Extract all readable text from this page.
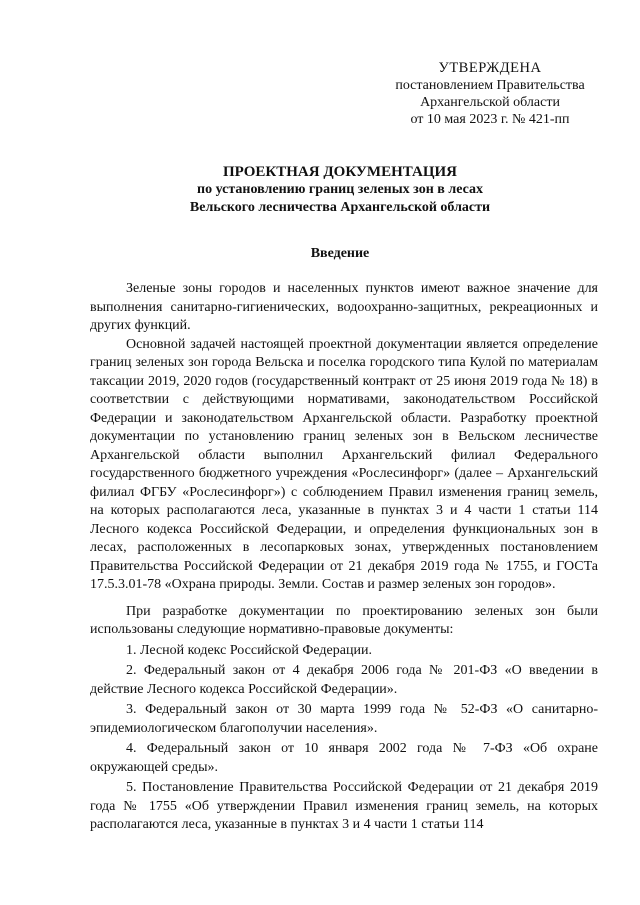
УТВЕРЖДЕНА
постановлением Правительства
Архангельской области
от 10 мая 2023 г. № 421-пп
ПРОЕКТНАЯ ДОКУМЕНТАЦИЯ
по установлению границ зеленых зон в лесах
Вельского лесничества Архангельской области
Введение

Зеленые зоны городов и населенных пунктов имеют важное значение для выполнения санитарно-гигиенических, водоохранно-защитных, рекреационных и других функций.

Основной задачей настоящей проектной документации является определение границ зеленых зон города Вельска и поселка городского типа Кулой по материалам таксации 2019, 2020 годов (государственный контракт от 25 июня 2019 года № 18) в соответствии с действующими нормативами, законодательством Российской Федерации и законодательством Архангельской области. Разработку проектной документации по установлению границ зеленых зон в Вельском лесничестве Архангельской области выполнил Архангельский филиал Федерального государственного бюджетного учреждения «Рослесинфорг» (далее – Архангельский филиал ФГБУ «Рослесинфорг») с соблюдением Правил изменения границ земель, на которых располагаются леса, указанные в пунктах 3 и 4 части 1 статьи 114 Лесного кодекса Российской Федерации, и определения функциональных зон в лесах, расположенных в лесопарковых зонах, утвержденных постановлением Правительства Российской Федерации от 21 декабря 2019 года № 1755, и ГОСТа 17.5.3.01-78 «Охрана природы. Земли. Состав и размер зеленых зон городов».

При разработке документации по проектированию зеленых зон были использованы следующие нормативно-правовые документы:

1. Лесной кодекс Российской Федерации.

2. Федеральный закон от 4 декабря 2006 года № 201-ФЗ «О введении в действие Лесного кодекса Российской Федерации».

3. Федеральный закон от 30 марта 1999 года № 52-ФЗ «О санитарно-эпидемиологическом благополучии населения».

4. Федеральный закон от 10 января 2002 года № 7-ФЗ «Об охране окружающей среды».

5. Постановление Правительства Российской Федерации от 21 декабря 2019 года № 1755 «Об утверждении Правил изменения границ земель, на которых располагаются леса, указанные в пунктах 3 и 4 части 1 статьи 114
